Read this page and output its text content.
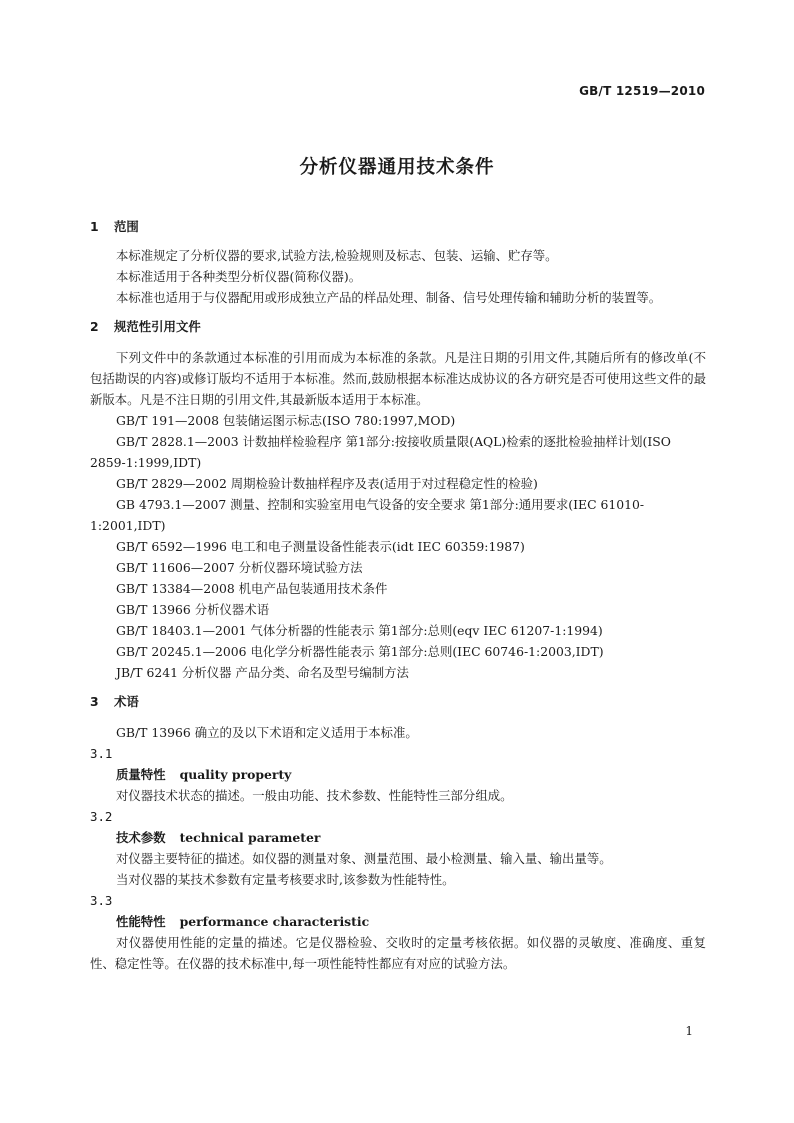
GB/T 12519—2010
分析仪器通用技术条件
1 范围

本标准规定了分析仪器的要求,试验方法,检验规则及标志、包装、运输、贮存等。

本标准适用于各种类型分析仪器(简称仪器)。

本标准也适用于与仪器配用或形成独立产品的样品处理、制备、信号处理传输和辅助分析的装置等。

2 规范性引用文件

下列文件中的条款通过本标准的引用而成为本标准的条款。凡是注日期的引用文件,其随后所有的修改单(不包括勘误的内容)或修订版均不适用于本标准。然而,鼓励根据本标准达成协议的各方研究是否可使用这些文件的最新版本。凡是不注日期的引用文件,其最新版本适用于本标准。

GB/T 191—2008 包装储运图示标志(ISO 780:1997,MOD)

GB/T 2828.1—2003 计数抽样检验程序 第1部分:按接收质量限(AQL)检索的逐批检验抽样计划(ISO 2859-1:1999,IDT)

GB/T 2829—2002 周期检验计数抽样程序及表(适用于对过程稳定性的检验)

GB 4793.1—2007 测量、控制和实验室用电气设备的安全要求 第1部分:通用要求(IEC 61010-1:2001,IDT)

GB/T 6592—1996 电工和电子测量设备性能表示(idt IEC 60359:1987)

GB/T 11606—2007 分析仪器环境试验方法

GB/T 13384—2008 机电产品包装通用技术条件

GB/T 13966 分析仪器术语

GB/T 18403.1—2001 气体分析器的性能表示 第1部分:总则(eqv IEC 61207-1:1994)

GB/T 20245.1—2006 电化学分析器性能表示 第1部分:总则(IEC 60746-1:2003,IDT)

JB/T 6241 分析仪器 产品分类、命名及型号编制方法

3 术语

GB/T 13966 确立的及以下术语和定义适用于本标准。

3.1

质量特性 quality property

对仪器技术状态的描述。一般由功能、技术参数、性能特性三部分组成。

3.2

技术参数 technical parameter

对仪器主要特征的描述。如仪器的测量对象、测量范围、最小检测量、输入量、输出量等。

当对仪器的某技术参数有定量考核要求时,该参数为性能特性。

3.3

性能特性 performance characteristic

对仪器使用性能的定量的描述。它是仪器检验、交收时的定量考核依据。如仪器的灵敏度、准确度、重复性、稳定性等。在仪器的技术标准中,每一项性能特性都应有对应的试验方法。

1
